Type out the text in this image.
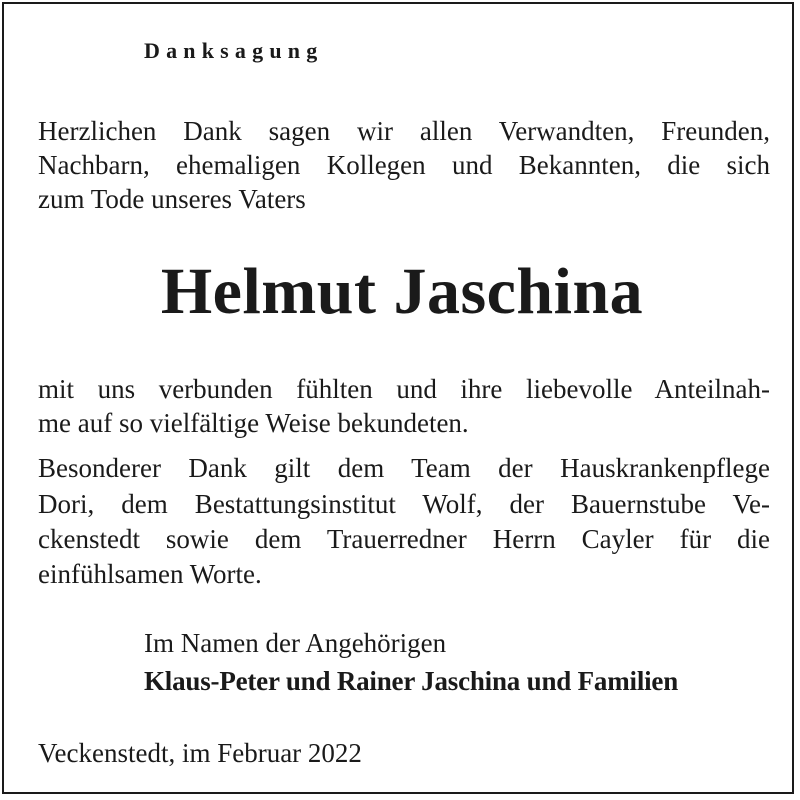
Danksagung
Herzlichen Dank sagen wir allen Verwandten, Freunden,
Nachbarn, ehemaligen Kollegen und Bekannten, die sich
zum Tode unseres Vaters
Helmut Jaschina
mit uns verbunden fühlten und ihre liebevolle Anteilnah-
me auf so vielfältige Weise bekundeten.
Besonderer Dank gilt dem Team der Hauskrankenpflege
Dori, dem Bestattungsinstitut Wolf, der Bauernstube Ve-
ckenstedt sowie dem Trauerredner Herrn Cayler für die
einfühlsamen Worte.
Im Namen der Angehörigen
Klaus-Peter und Rainer Jaschina und Familien
Veckenstedt, im Februar 2022
